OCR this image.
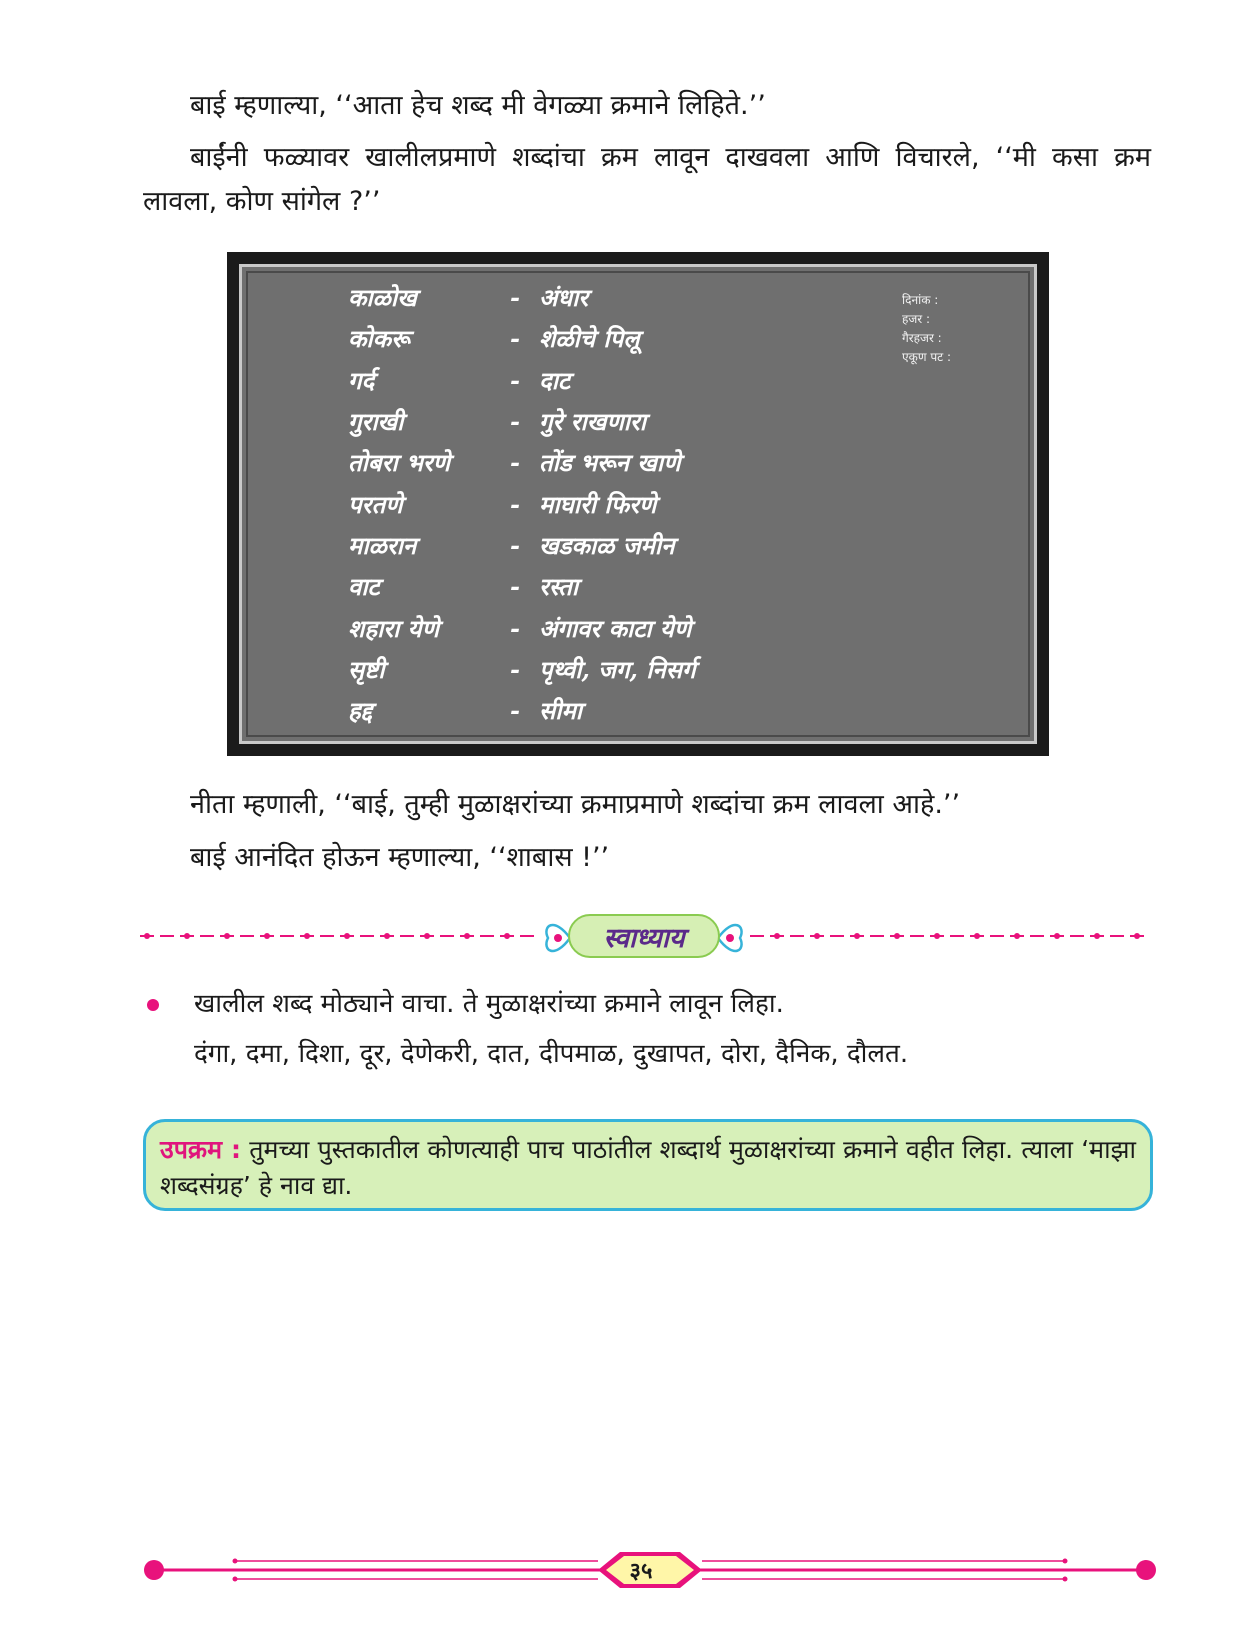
बाई म्हणाल्या, ‘‘आता हेच शब्द मी वेगळ्या क्रमाने लिहिते.’’

बाईंनी फळ्यावर खालीलप्रमाणे शब्दांचा क्रम लावून दाखवला आणि विचारले, ‘‘मी कसा क्रम लावला, कोण सांगेल ?’’

काळोख	- अंधार
कोकरू	- शेळीचे पिलू
गर्द	- दाट
गुराखी	- गुरे राखणारा
तोबरा भरणे	- तोंड भरून खाणे
परतणे	- माघारी फिरणे
माळरान	- खडकाळ जमीन
वाट	- रस्ता
शहारा येणे	- अंगावर काटा येणे
सृष्टी	- पृथ्वी, जग, निसर्ग
हद्द	- सीमा
दिनांक :
हजर :
गैरहजर :
एकूण पट :

नीता म्हणाली, ‘‘बाई, तुम्ही मुळाक्षरांच्या क्रमाप्रमाणे शब्दांचा क्रम लावला आहे.’’

बाई आनंदित होऊन म्हणाल्या, ‘‘शाबास !’’

स्वाध्याय

खालील शब्द मोठ्याने वाचा. ते मुळाक्षरांच्या क्रमाने लावून लिहा.

दंगा, दमा, दिशा, दूर, देणेकरी, दात, दीपमाळ, दुखापत, दोरा, दैनिक, दौलत.

उपक्रम : तुमच्या पुस्तकातील कोणत्याही पाच पाठांतील शब्दार्थ मुळाक्षरांच्या क्रमाने वहीत लिहा. त्याला ‘माझा शब्दसंग्रह’ हे नाव द्या.
३५
